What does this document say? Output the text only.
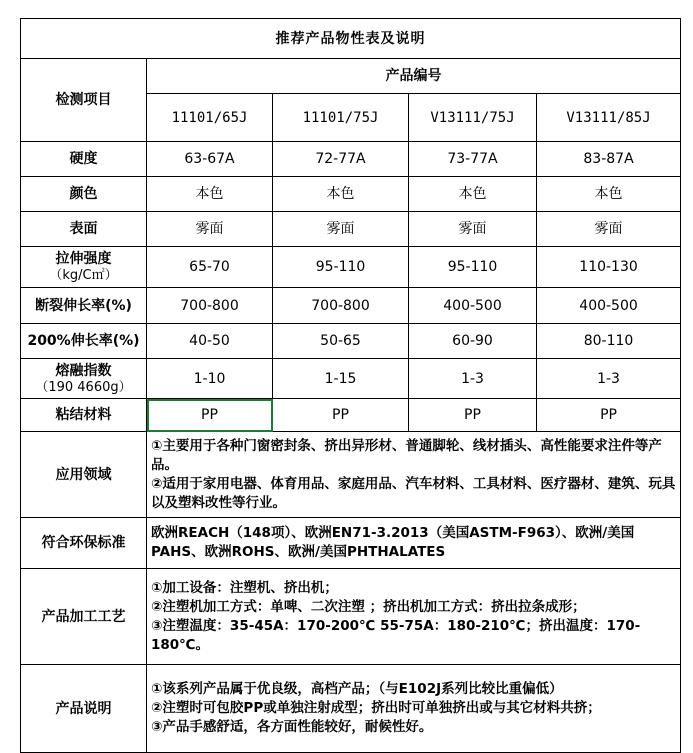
推荐产品物性表及说明				
检测项目	产品编号			
	11101/65J	11101/75J	V13111/75J	V13111/85J

硬度	63-67A	72-77A	73-77A	83-87A

颜色	本色	本色	本色	本色

表面	雾面	雾面	雾面	雾面

拉伸强度
（kg/C㎡）	65-70	95-110	95-110	110-130

断裂伸长率(%)	700-800	700-800	400-500	400-500

200%伸长率(%)	40-50	50-65	60-90	80-110

熔融指数
（190 4660g）	1-10	1-15	1-3	1-3

粘结材料	PP	PP	PP	PP
应用领域	①主要用于各种门窗密封条、挤出异形材、普通脚轮、线材插头、高性能要求注件等产品。
②适用于家用电器、体育用品、家庭用品、汽车材料、工具材料、医疗器材、建筑、玩具以及塑料改性等行业。			

符合环保标准	欧洲REACH（148项）、欧洲EN71-3.2013（美国ASTM-F963）、欧洲/美国PAHS、欧洲ROHS、欧洲/美国PHTHALATES			

产品加工工艺	①加工设备：注塑机、挤出机；
②注塑机加工方式：单啤、二次注塑 ；挤出机加工方式：挤出拉条成形；
③注塑温度：35-45A：170-200℃ 55-75A：180-210℃；挤出温度：170-180℃。			

产品说明	①该系列产品属于优良级，高档产品；（与E102J系列比较比重偏低）
②注塑时可包胶PP或单独注射成型；挤出时可单独挤出或与其它材料共挤；
③产品手感舒适，各方面性能较好，耐候性好。			
